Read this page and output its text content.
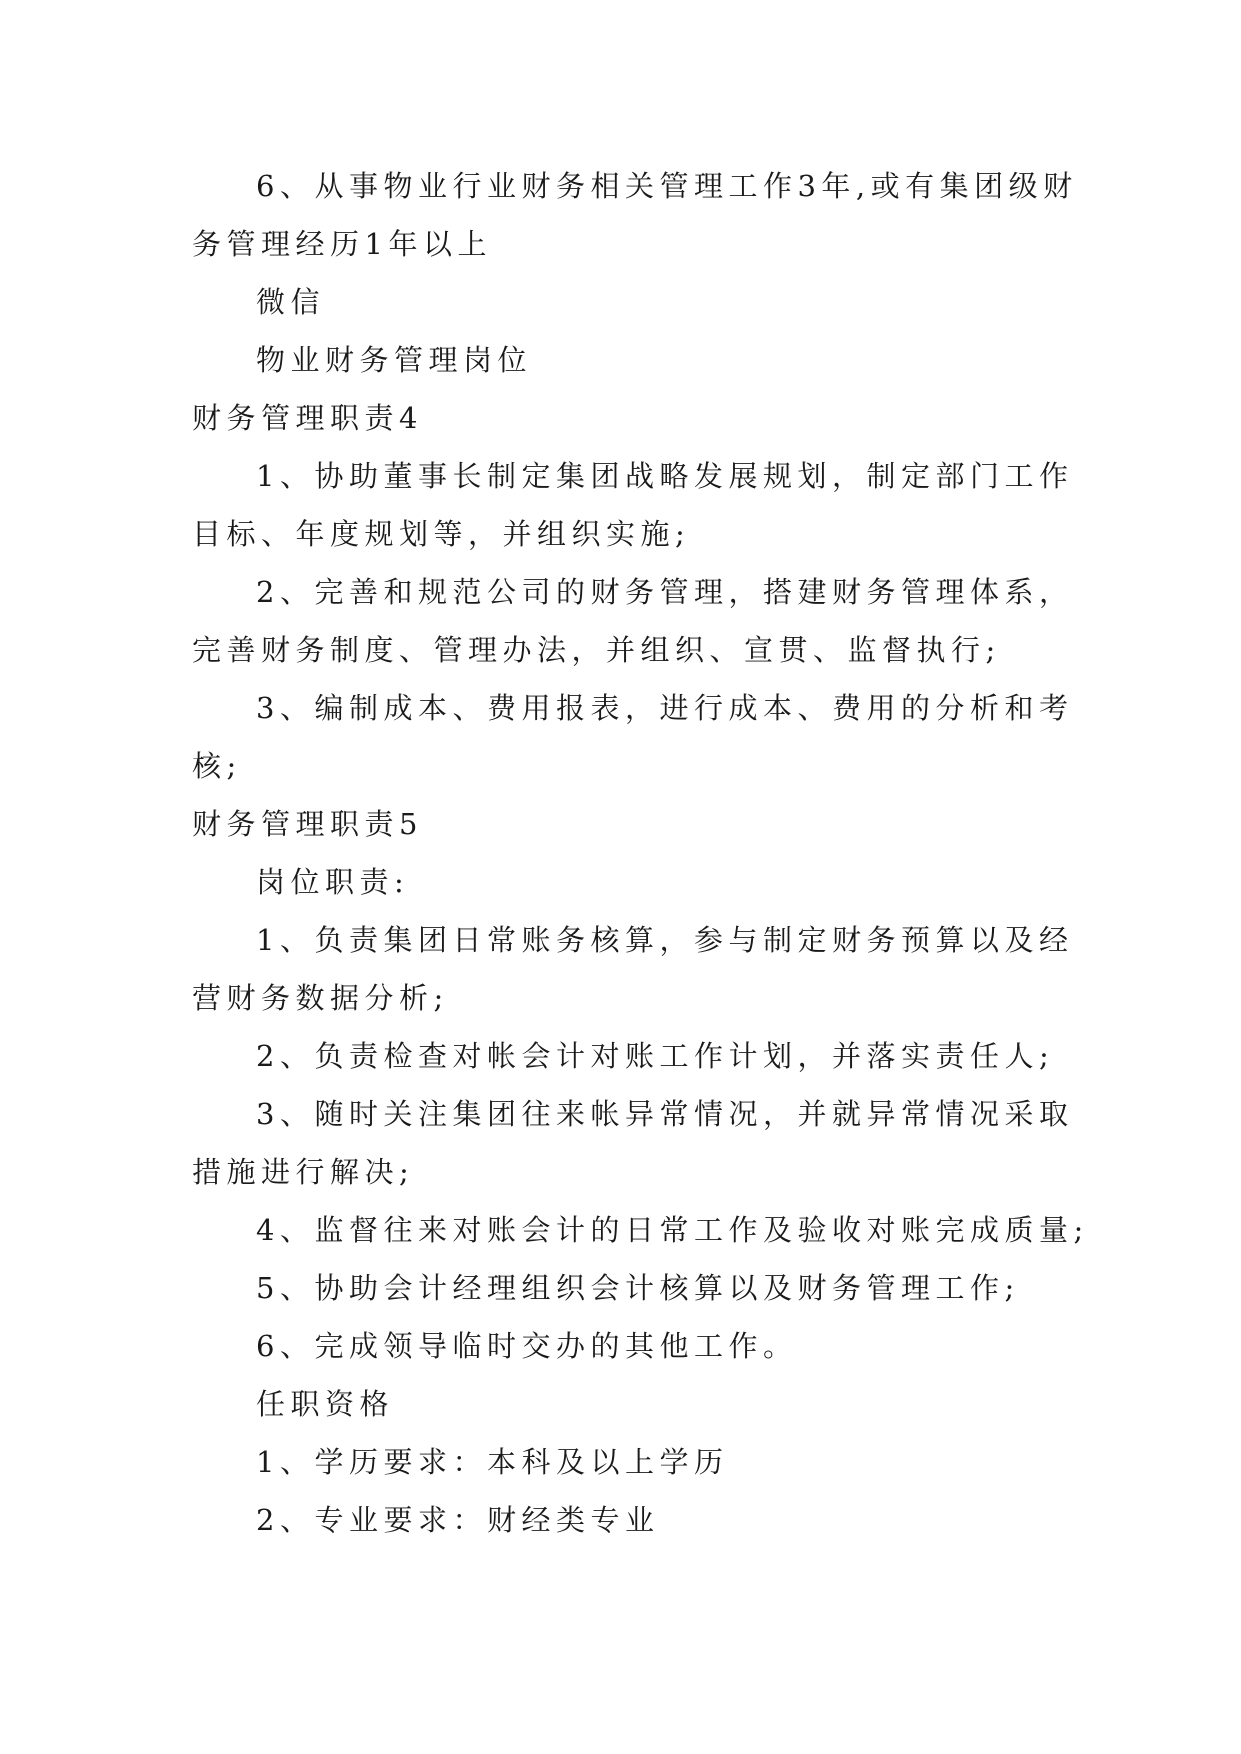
6、从事物业行业财务相关管理工作3年,或有集团级财

务管理经历1年以上

微信

物业财务管理岗位

财务管理职责4

1、协助董事长制定集团战略发展规划，制定部门工作

目标、年度规划等，并组织实施;

2、完善和规范公司的财务管理，搭建财务管理体系，

完善财务制度、管理办法，并组织、宣贯、监督执行;

3、编制成本、费用报表，进行成本、费用的分析和考

核;

财务管理职责5

岗位职责:

1、负责集团日常账务核算，参与制定财务预算以及经

营财务数据分析;

2、负责检查对帐会计对账工作计划，并落实责任人;

3、随时关注集团往来帐异常情况，并就异常情况采取

措施进行解决;

4、监督往来对账会计的日常工作及验收对账完成质量;

5、协助会计经理组织会计核算以及财务管理工作;

6、完成领导临时交办的其他工作。

任职资格

1、学历要求：本科及以上学历

2、专业要求：财经类专业
